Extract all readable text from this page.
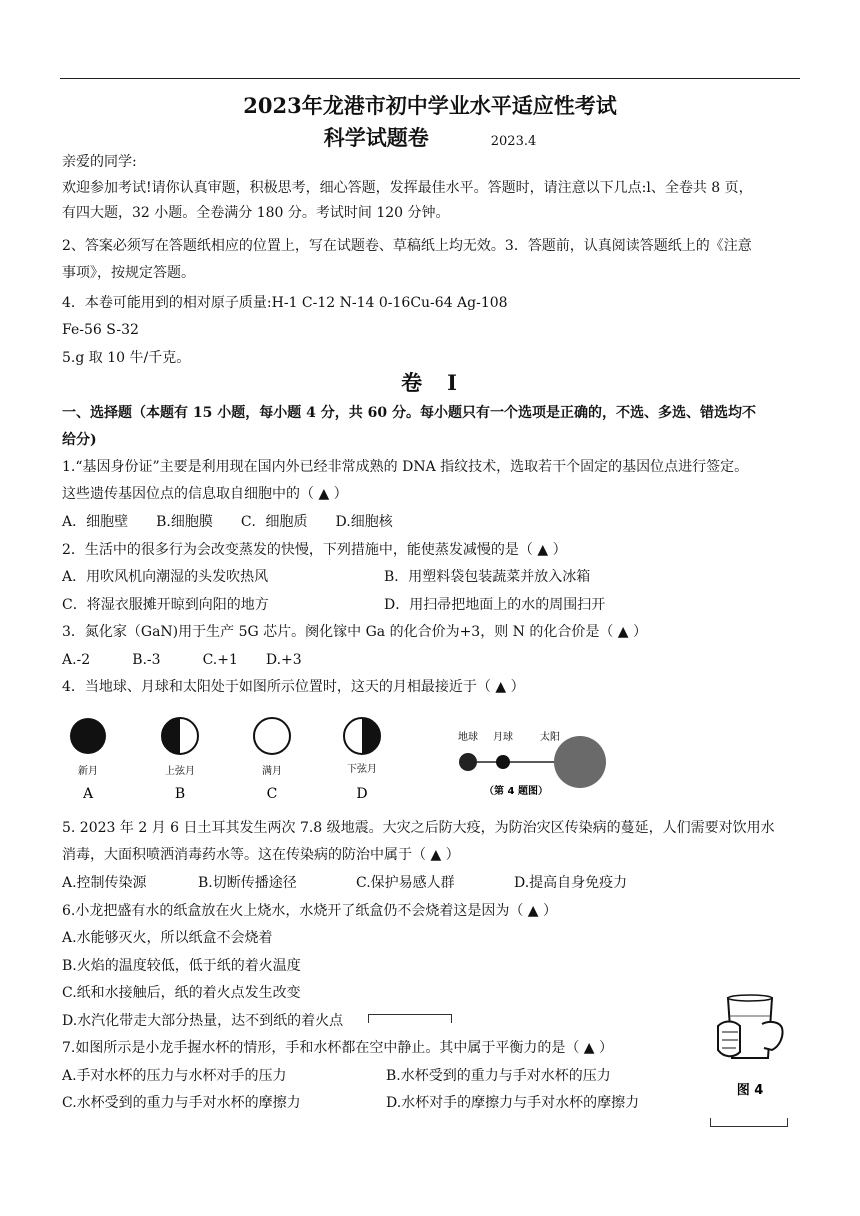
2023年龙港市初中学业水平适应性考试
科学试题卷	2023.4
亲爱的同学:
欢迎参加考试!请你认真审题，积极思考，细心答题，发挥最佳水平。答题时，请注意以下几点:l、全卷共 8 页，
有四大题，32 小题。全卷满分 180 分。考试时间 120 分钟。
2、答案必须写在答题纸相应的位置上，写在试题卷、草稿纸上均无效。3．答题前，认真阅读答题纸上的《注意
事项》，按规定答题。
4．本卷可能用到的相对原子质量:H-1 C-12 N-14 0-16Cu-64 Ag-108
Fe-56 S-32
5.g 取 10 牛/千克。
卷　I
一、选择题（本题有 15 小题，每小题 4 分，共 60 分。每小题只有一个选项是正确的，不选、多选、错选均不
给分)
1.“基因身份证”主要是利用现在国内外已经非常成熟的 DNA 指纹技术，选取若干个固定的基因位点进行签定。
这些遗传基因位点的信息取自细胞中的（ ▲ ）
A．细胞壁　　B.细胞膜　　C．细胞质　　D.细胞核
2．生活中的很多行为会改变蒸发的快慢，下列措施中，能使蒸发减慢的是（ ▲ ）
A．用吹风机向潮湿的头发吹热风	B．用塑料袋包装蔬菜并放入冰箱
C．将湿衣服摊开晾到向阳的地方	D．用扫帚把地面上的水的周围扫开
3．氮化家（GaN)用于生产 5G 芯片。阕化镓中 Ga 的化合价为+3，则 N 的化合价是（ ▲ ）
A.-2　　　B.-3　　　C.+1　　D.+3
4．当地球、月球和太阳处于如图所示位置时，这天的月相最接近于（ ▲ ）
新月
A
上弦月
B
满月
C
下弦月
D
地球 月球	太阳
（第 4 题图）
5. 2023 年 2 月 6 日土耳其发生两次 7.8 级地震。大灾之后防大疫，为防治灾区传染病的蔓延，人们需要对饮用水
消毒，大面积喷洒消毒药水等。这在传染病的防治中属于（ ▲ ）
A.控制传染源	B.切断传播途径	C.保护易感人群	D.提高自身免疫力
6.小龙把盛有水的纸盒放在火上烧水，水烧开了纸盒仍不会烧着这是因为（ ▲ ）
A.水能够灭火，所以纸盒不会烧着
B.火焰的温度较低，低于纸的着火温度
C.纸和水接触后，纸的着火点发生改变
D.水汽化带走大部分热量，达不到纸的着火点
7.如图所示是小龙手握水杯的情形，手和水杯都在空中静止。其中属于平衡力的是（ ▲ ）
A.手对水杯的压力与水杯对手的压力	B.水杯受到的重力与手对水杯的压力
C.水杯受到的重力与手对水杯的摩擦力	D.水杯对手的摩擦力与手对水杯的摩擦力
图 4
